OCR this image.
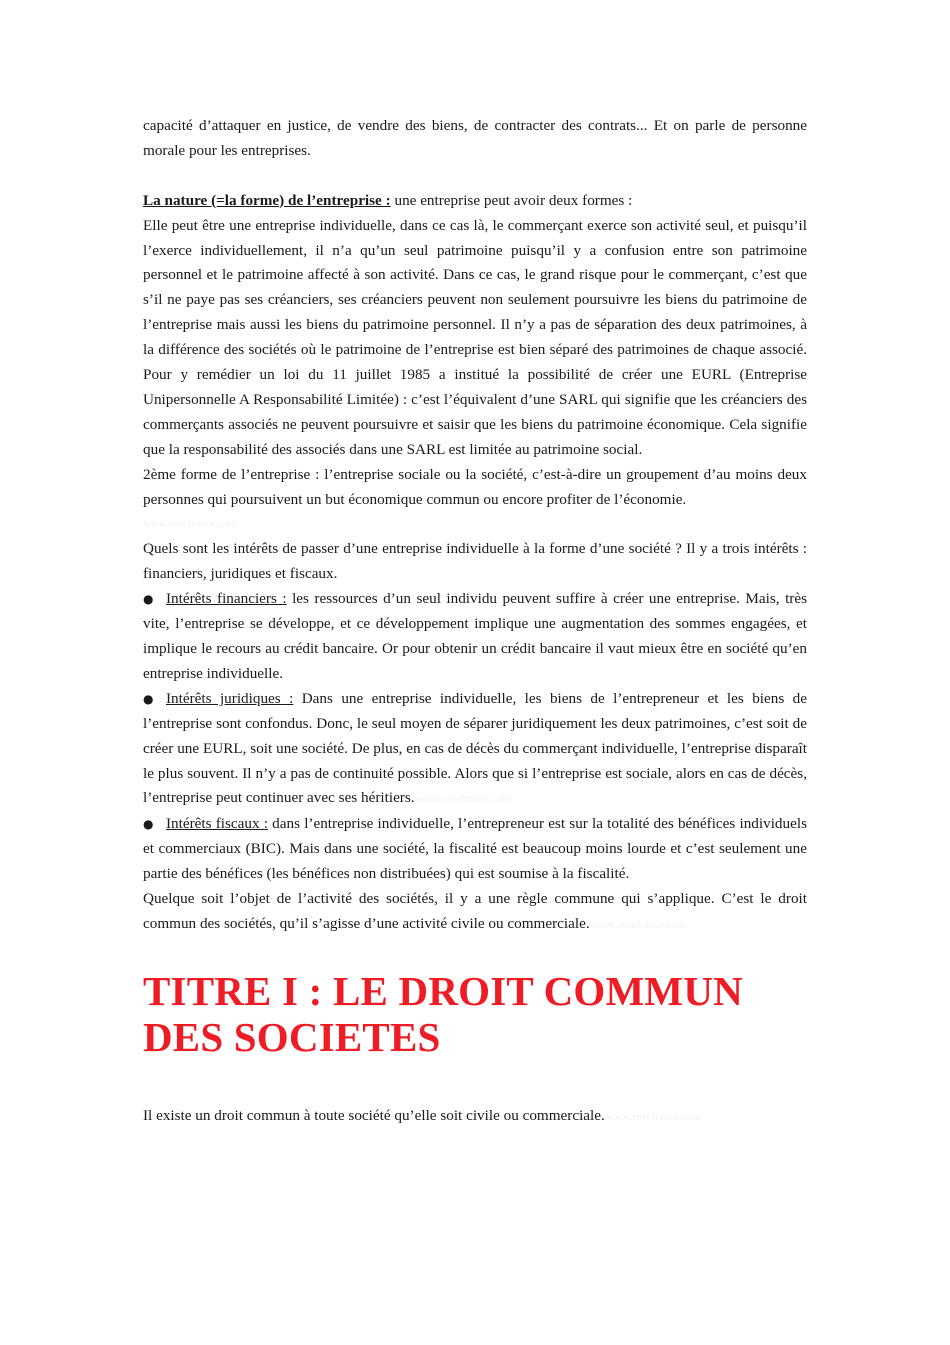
capacité d’attaquer en justice, de vendre des biens, de contracter des contrats... Et on parle de personne morale pour les entreprises.

La nature (=la forme) de l’entreprise : une entreprise peut avoir deux formes :

Elle peut être une entreprise individuelle, dans ce cas là, le commerçant exerce son activité seul, et puisqu’il l’exerce individuellement, il n’a qu’un seul patrimoine puisqu’il y a confusion entre son patrimoine personnel et le patrimoine affecté à son activité. Dans ce cas, le grand risque pour le commerçant, c’est que s’il ne paye pas ses créanciers, ses créanciers peuvent non seulement poursuivre les biens du patrimoine de l’entreprise mais aussi les biens du patrimoine personnel. Il n’y a pas de séparation des deux patrimoines, à la différence des sociétés où le patrimoine de l’entreprise est bien séparé des patrimoines de chaque associé. Pour y remédier un loi du 11 juillet 1985 a institué la possibilité de créer une EURL (Entreprise Unipersonnelle A Responsabilité Limitée) : c’est l’équivalent d’une SARL qui signifie que les créanciers des commerçants associés ne peuvent poursuivre et saisir que les biens du patrimoine économique. Cela signifie que la responsabilité des associés dans une SARL est limitée au patrimoine social.

2ème forme de l’entreprise : l’entreprise sociale ou la société, c’est-à-dire un groupement d’au moins deux personnes qui poursuivent un but économique commun ou encore profiter de l’économie.

www.revefrance.com

Quels sont les intérêts de passer d’une entreprise individuelle à la forme d’une société ? Il y a trois intérêts : financiers, juridiques et fiscaux.

● Intérêts financiers : les ressources d’un seul individu peuvent suffire à créer une entreprise. Mais, très vite, l’entreprise se développe, et ce développement implique une augmentation des sommes engagées, et implique le recours au crédit bancaire. Or pour obtenir un crédit bancaire il vaut mieux être en société qu’en entreprise individuelle.

● Intérêts juridiques : Dans une entreprise individuelle, les biens de l’entrepreneur et les biens de l’entreprise sont confondus. Donc, le seul moyen de séparer juridiquement les deux patrimoines, c’est soit de créer une EURL, soit une société. De plus, en cas de décès du commerçant individuelle, l’entreprise disparaît le plus souvent. Il n’y a pas de continuité possible. Alors que si l’entreprise est sociale, alors en cas de décès, l’entreprise peut continuer avec ses héritiers. www.revefrance.com

● Intérêts fiscaux : dans l’entreprise individuelle, l’entrepreneur est sur la totalité des bénéfices individuels et commerciaux (BIC). Mais dans une société, la fiscalité est beaucoup moins lourde et c’est seulement une partie des bénéfices (les bénéfices non distribuées) qui est soumise à la fiscalité.

Quelque soit l’objet de l’activité des sociétés, il y a une règle commune qui s’applique. C’est le droit commun des sociétés, qu’il s’agisse d’une activité civile ou commerciale. www.revefrance.com

TITRE I : LE DROIT COMMUN DES SOCIETES

Il existe un droit commun à toute société qu’elle soit civile ou commerciale. www.revefrance.com
